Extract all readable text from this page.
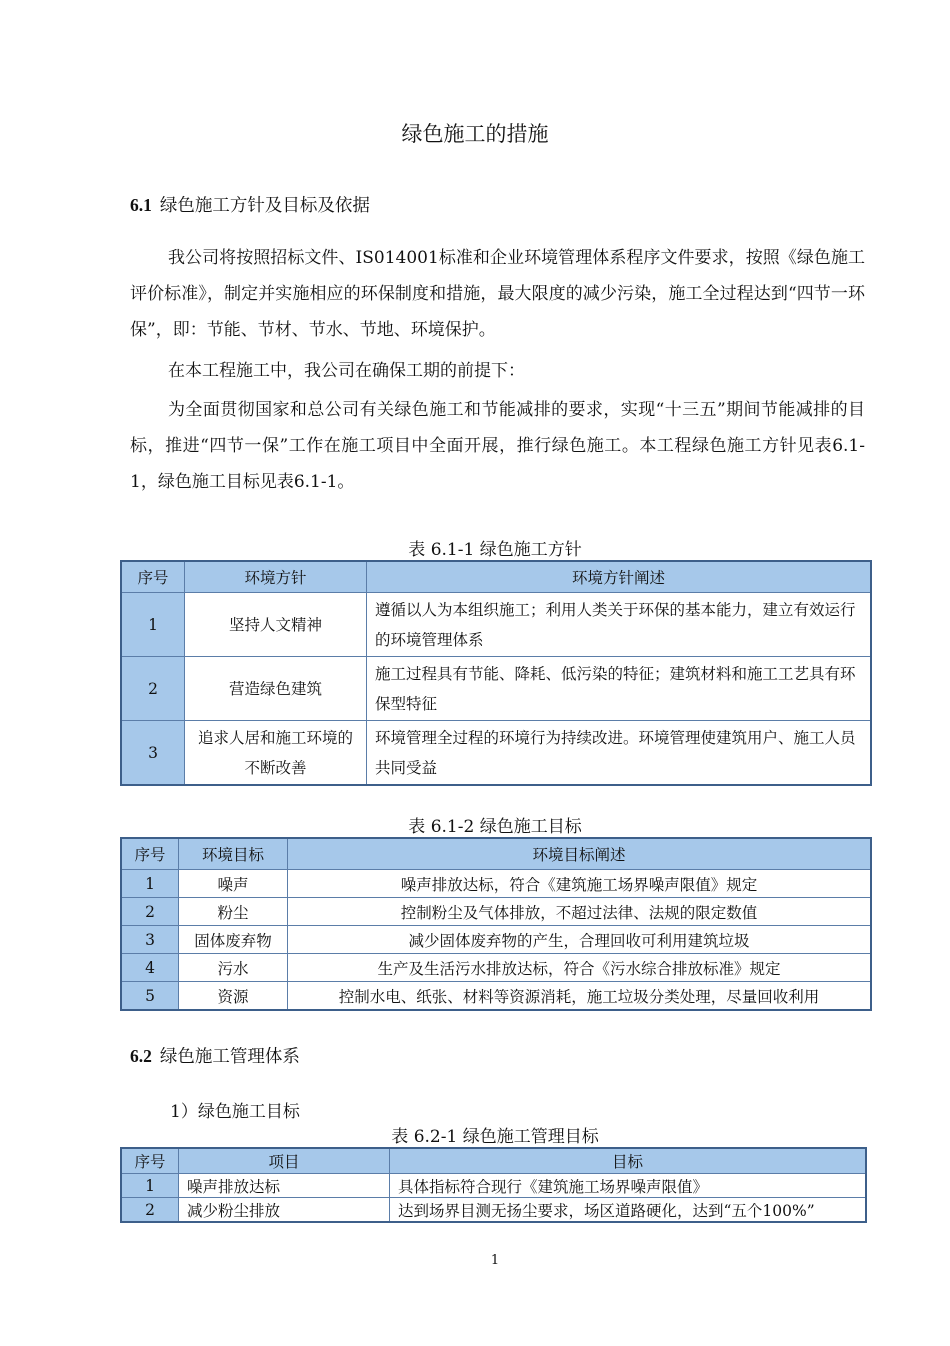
绿色施工的措施
6.1 绿色施工方针及目标及依据

我公司将按照招标文件、IS014001标准和企业环境管理体系程序文件要求，按照《绿色施工评价标准》，制定并实施相应的环保制度和措施，最大限度的减少污染，施工全过程达到“四节一环保”，即：节能、节材、节水、节地、环境保护。

在本工程施工中，我公司在确保工期的前提下：

为全面贯彻国家和总公司有关绿色施工和节能减排的要求，实现“十三五”期间节能减排的目标，推进“四节一保”工作在施工项目中全面开展，推行绿色施工。本工程绿色施工方针见表6.1-1，绿色施工目标见表6.1-1。

表 6.1-1 绿色施工方针
序号	环境方针	环境方针阐述
1	坚持人文精神	遵循以人为本组织施工；利用人类关于环保的基本能力，建立有效运行的环境管理体系
2	营造绿色建筑	施工过程具有节能、降耗、低污染的特征；建筑材料和施工工艺具有环保型特征
3	追求人居和施工环境的不断改善	环境管理全过程的环境行为持续改进。环境管理使建筑用户、施工人员共同受益
表 6.1-2 绿色施工目标
序号	环境目标	环境目标阐述
1	噪声	噪声排放达标，符合《建筑施工场界噪声限值》规定
2	粉尘	控制粉尘及气体排放，不超过法律、法规的限定数值
3	固体废弃物	减少固体废弃物的产生，合理回收可利用建筑垃圾
4	污水	生产及生活污水排放达标，符合《污水综合排放标准》规定
5	资源	控制水电、纸张、材料等资源消耗，施工垃圾分类处理，尽量回收利用
6.2 绿色施工管理体系
1）绿色施工目标
表 6.2-1 绿色施工管理目标
序号	项目	目标
1	噪声排放达标	具体指标符合现行《建筑施工场界噪声限值》
2	减少粉尘排放	达到场界目测无扬尘要求，场区道路硬化，达到“五个100%”
1
